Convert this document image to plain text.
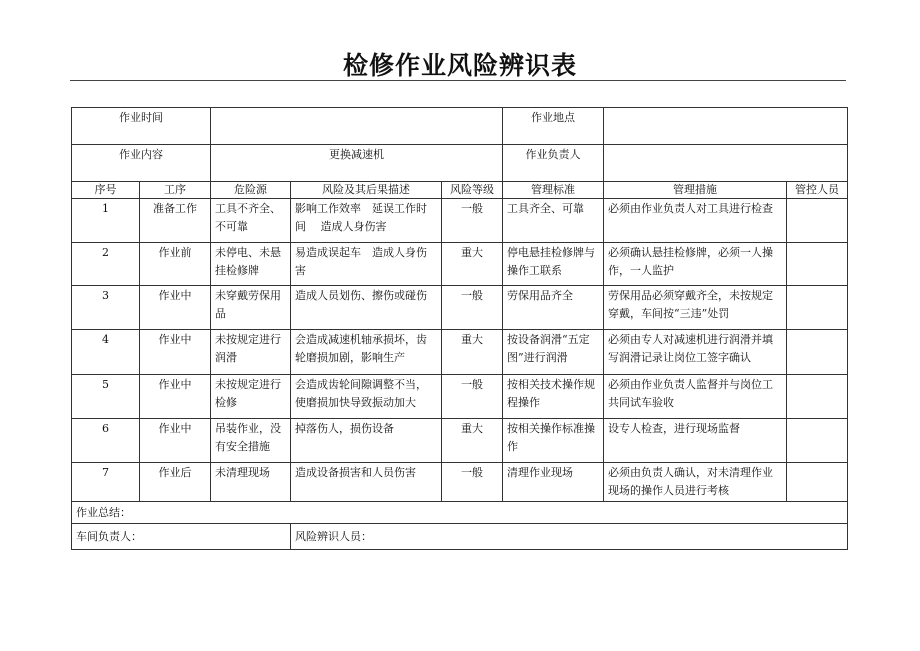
检修作业风险辨识表
作业时间					作业地点		
作业内容		更换减速机			作业负责人		
序号	工序	危险源	风险及其后果描述	风险等级	管理标准	管理措施	管控人员
1	准备工作	工具不齐全、不可靠	影响工作效率　延误工作时间　 造成人身伤害	一般	工具齐全、可靠	必须由作业负责人对工具进行检查	
2	作业前	未停电、未悬挂检修牌	易造成误起车　造成人身伤害	重大	停电悬挂检修牌与操作工联系	必须确认悬挂检修牌，必须一人操作，一人监护	
3	作业中	未穿戴劳保用品	造成人员划伤、擦伤或碰伤	一般	劳保用品齐全	劳保用品必须穿戴齐全，未按规定穿戴，车间按“三违”处罚	
4	作业中	未按规定进行润滑	会造成减速机轴承损坏，齿轮磨损加剧，影响生产	重大	按设备润滑“五定图”进行润滑	必须由专人对减速机进行润滑并填写润滑记录让岗位工签字确认	
5	作业中	未按规定进行检修	会造成齿轮间隙调整不当，使磨损加快导致振动加大	一般	按相关技术操作规程操作	必须由作业负责人监督并与岗位工共同试车验收	
6	作业中	吊装作业，没有安全措施	掉落伤人，损伤设备	重大	按相关操作标准操作	设专人检查，进行现场监督	
7	作业后	未清理现场	造成设备损害和人员伤害	一般	清理作业现场	必须由负责人确认，对未清理作业现场的操作人员进行考核	
作业总结：							
车间负责人：			风险辨识人员：				
